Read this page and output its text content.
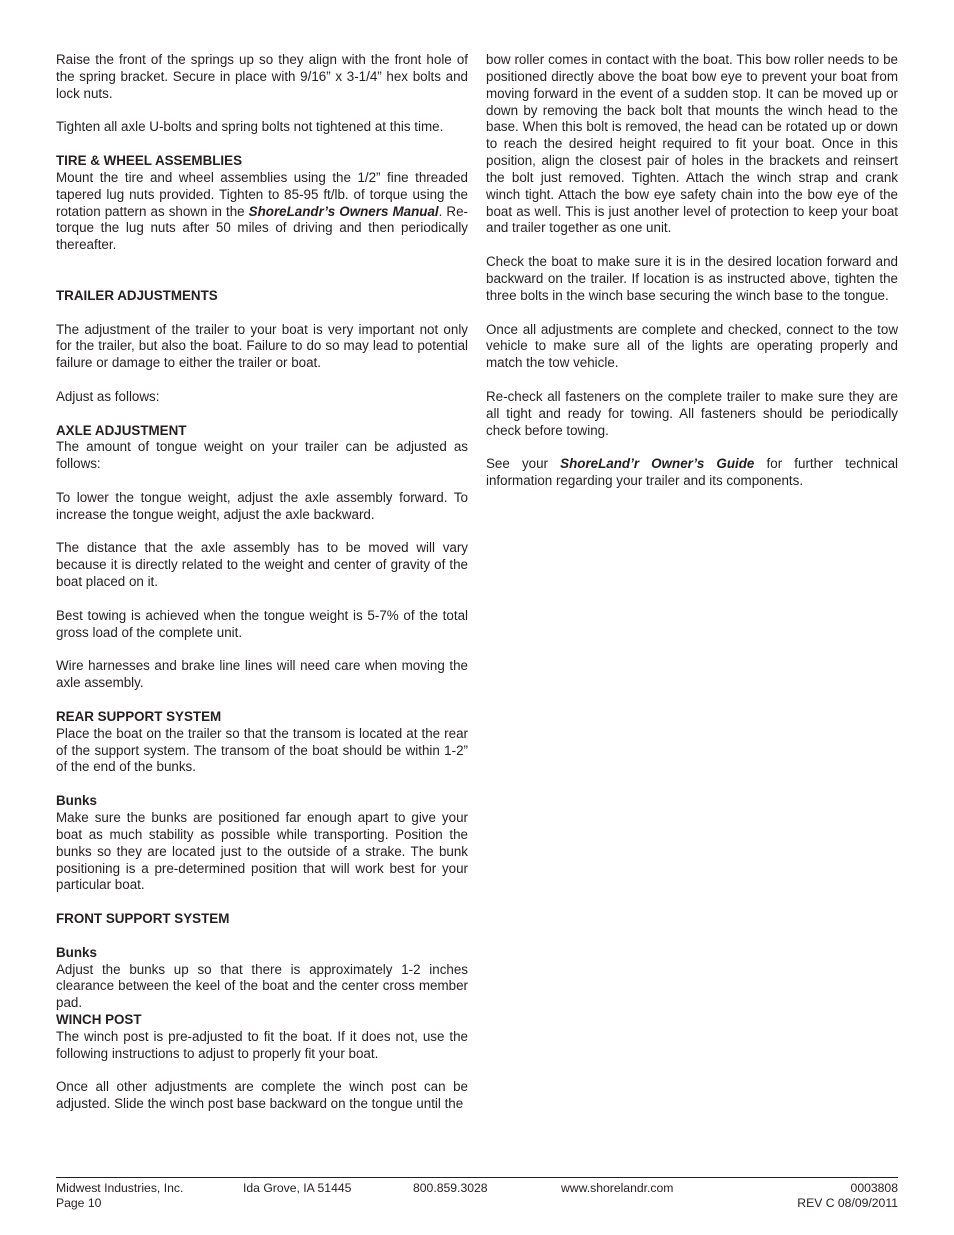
Raise the front of the springs up so they align with the front hole of the spring bracket. Secure in place with 9/16” x 3-1/4” hex bolts and lock nuts.

Tighten all axle U-bolts and spring bolts not tightened at this time.

TIRE & WHEEL ASSEMBLIES

Mount the tire and wheel assemblies using the 1/2” fine threaded tapered lug nuts provided. Tighten to 85-95 ft/lb. of torque using the rotation pattern as shown in the ShoreLandr’s Owners Manual. Re-torque the lug nuts after 50 miles of driving and then periodically thereafter.

TRAILER ADJUSTMENTS

The adjustment of the trailer to your boat is very important not only for the trailer, but also the boat. Failure to do so may lead to potential failure or damage to either the trailer or boat.

Adjust as follows:

AXLE ADJUSTMENT

The amount of tongue weight on your trailer can be adjusted as follows:

To lower the tongue weight, adjust the axle assembly forward. To increase the tongue weight, adjust the axle backward.

The distance that the axle assembly has to be moved will vary because it is directly related to the weight and center of gravity of the boat placed on it.

Best towing is achieved when the tongue weight is 5-7% of the total gross load of the complete unit.

Wire harnesses and brake line lines will need care when moving the axle assembly.

REAR SUPPORT SYSTEM

Place the boat on the trailer so that the transom is located at the rear of the support system. The transom of the boat should be within 1-2” of the end of the bunks.

Bunks

Make sure the bunks are positioned far enough apart to give your boat as much stability as possible while transporting. Position the bunks so they are located just to the outside of a strake. The bunk positioning is a pre-determined position that will work best for your particular boat.

FRONT SUPPORT SYSTEM
Bunks

Adjust the bunks up so that there is approximately 1-2 inches clearance between the keel of the boat and the center cross member pad.

WINCH POST

The winch post is pre-adjusted to fit the boat. If it does not, use the following instructions to adjust to properly fit your boat.

Once all other adjustments are complete the winch post can be adjusted. Slide the winch post base backward on the tongue until the

bow roller comes in contact with the boat. This bow roller needs to be positioned directly above the boat bow eye to prevent your boat from moving forward in the event of a sudden stop. It can be moved up or down by removing the back bolt that mounts the winch head to the base. When this bolt is removed, the head can be rotated up or down to reach the desired height required to fit your boat. Once in this position, align the closest pair of holes in the brackets and reinsert the bolt just removed. Tighten. Attach the winch strap and crank winch tight. Attach the bow eye safety chain into the bow eye of the boat as well. This is just another level of protection to keep your boat and trailer together as one unit.

Check the boat to make sure it is in the desired location forward and backward on the trailer. If location is as instructed above, tighten the three bolts in the winch base securing the winch base to the tongue.

Once all adjustments are complete and checked, connect to the tow vehicle to make sure all of the lights are operating properly and match the tow vehicle.

Re-check all fasteners on the complete trailer to make sure they are all tight and ready for towing. All fasteners should be periodically check before towing.

See your ShoreLand’r Owner’s Guide for further technical information regarding your trailer and its components.

Midwest Industries, Inc.
Page 10
Ida Grove, IA 51445	800.859.3028	www.shorelandr.com	0003808
REV C 08/09/2011
